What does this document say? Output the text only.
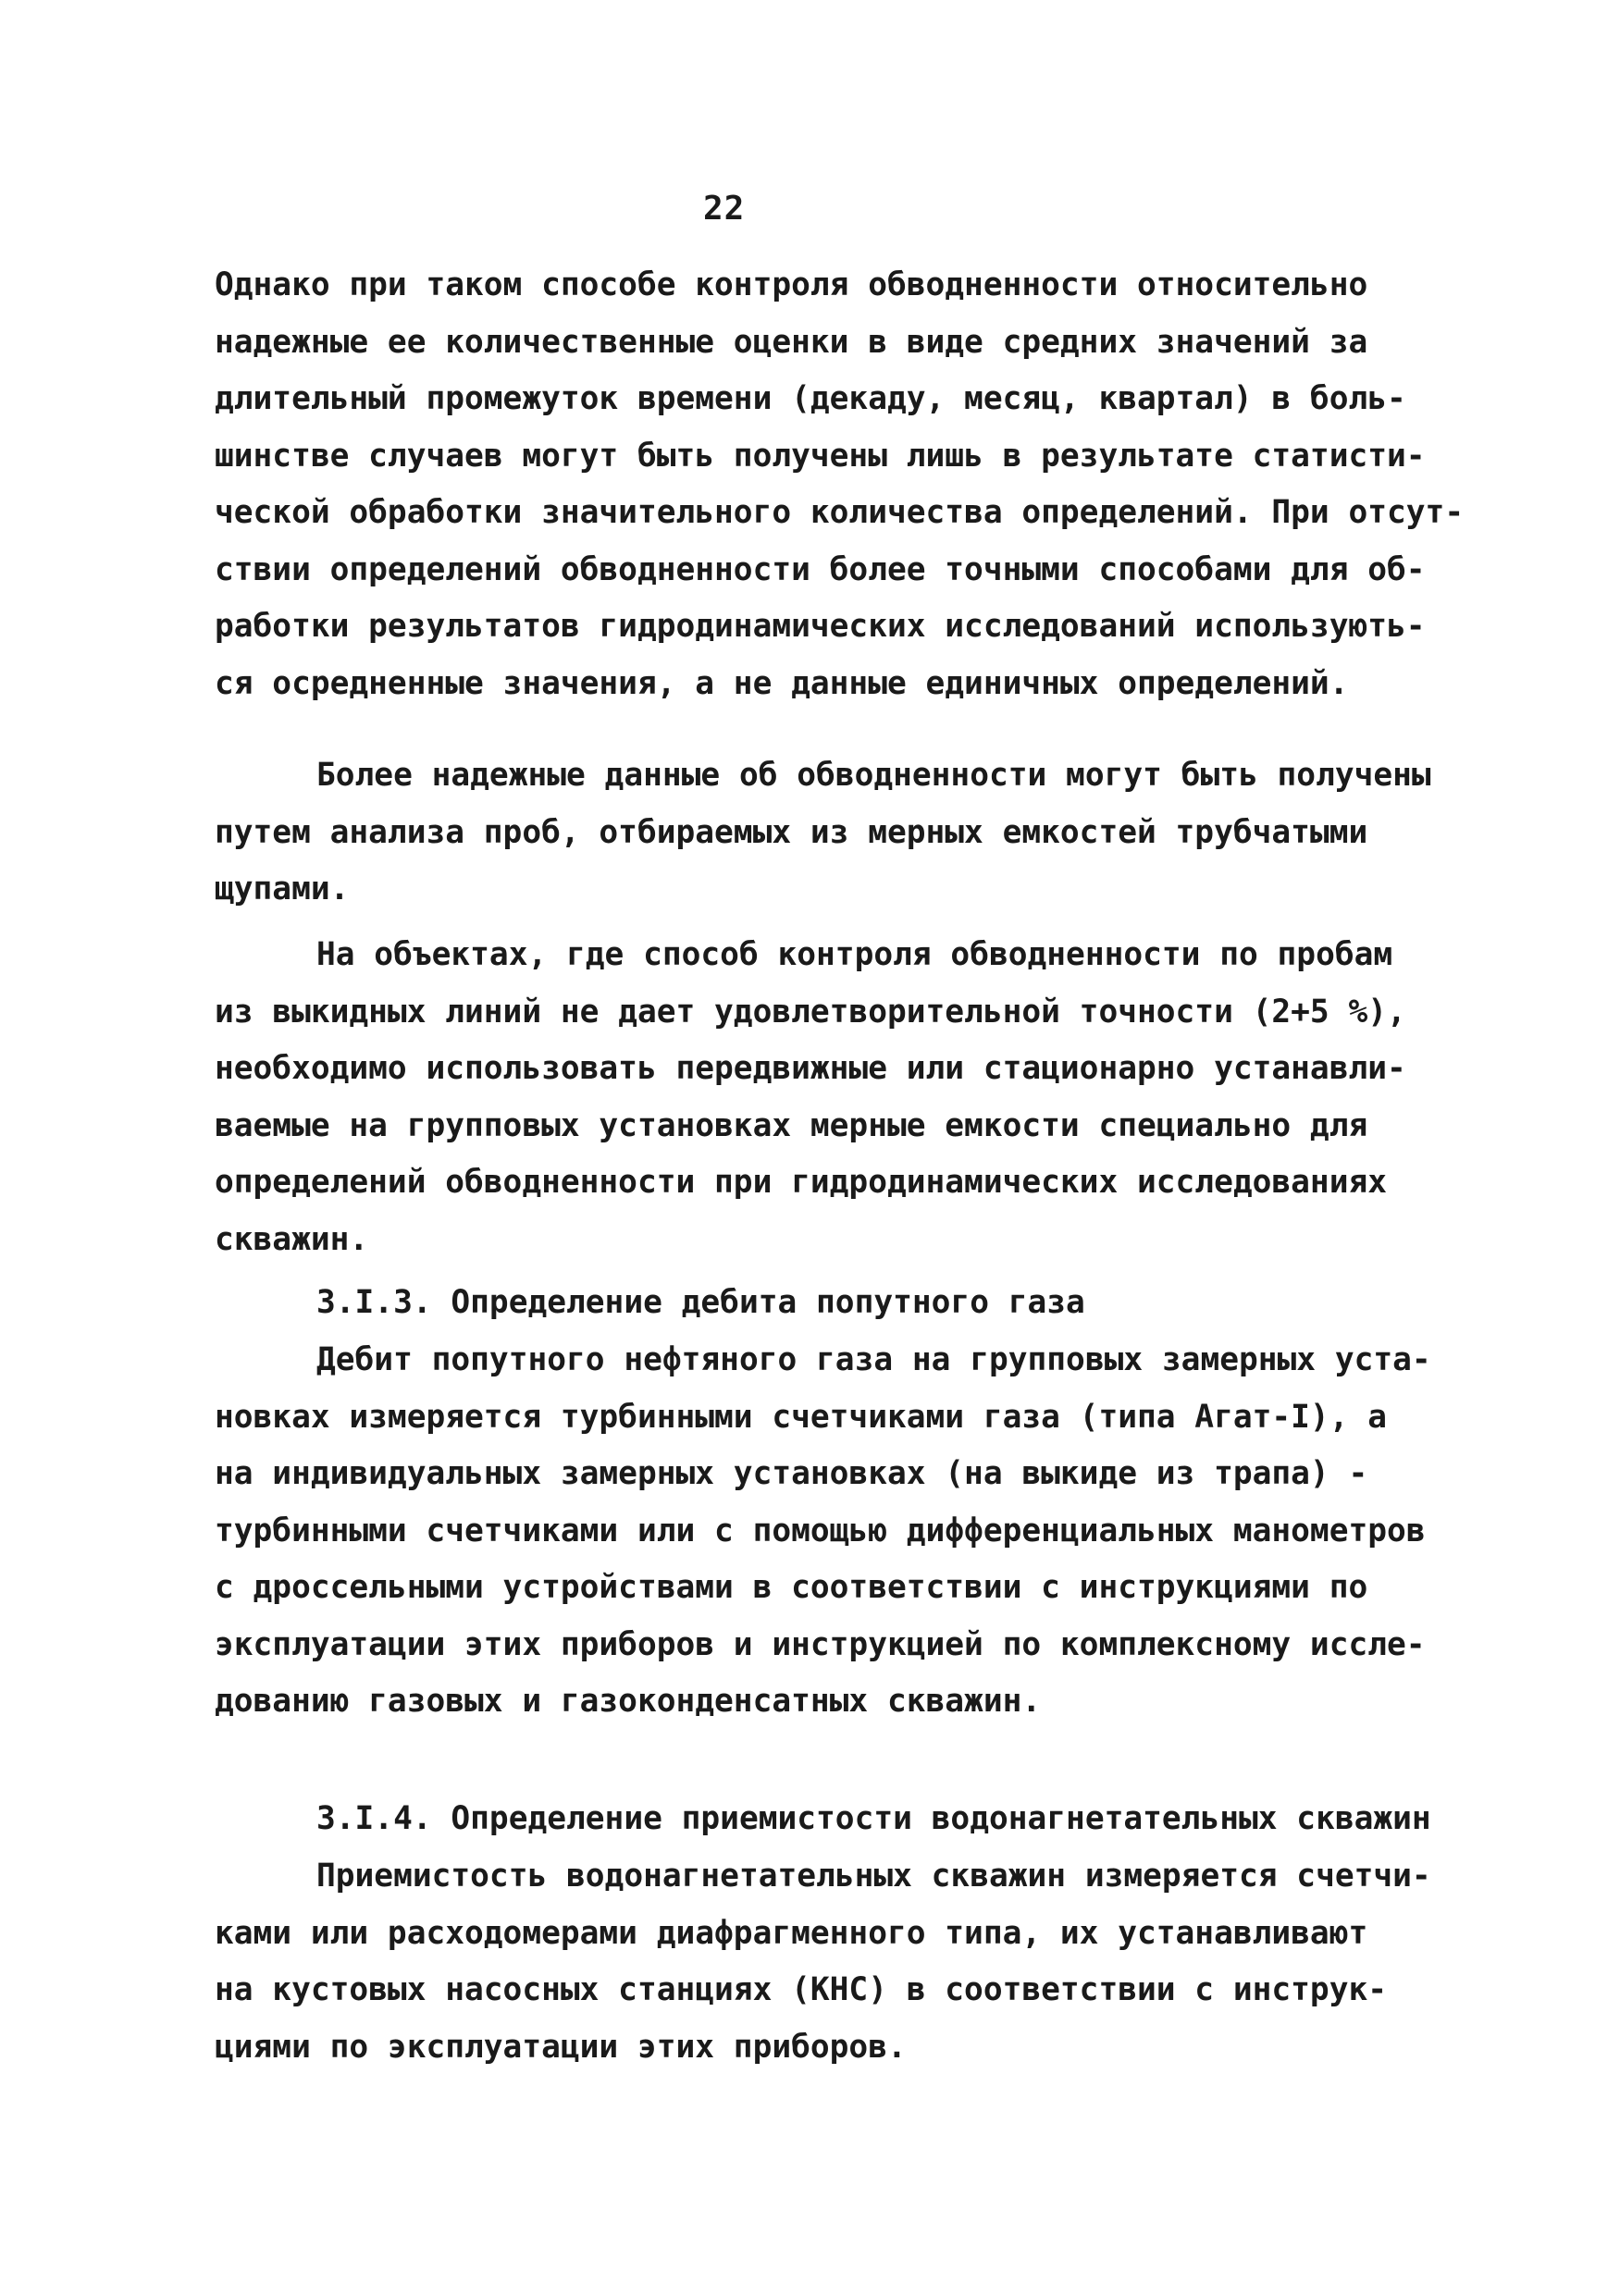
22
Однако при таком способе контроля обводненности относительно
надежные ее количественные оценки в виде средних значений за
длительный промежуток времени (декаду, месяц, квартал) в боль-
шинстве случаев могут быть получены лишь в результате статисти-
ческой обработки значительного количества определений. При отсут-
ствии определений обводненности более точными способами для об-
работки результатов гидродинамических исследований использують-
ся осредненные значения, а не данные единичных определений.
Более надежные данные об обводненности могут быть получены
путем анализа проб, отбираемых из мерных емкостей трубчатыми
щупами.
На объектах, где способ контроля обводненности по пробам
из выкидных линий не дает удовлетворительной точности (2+5 %),
необходимо использовать передвижные или стационарно устанавли-
ваемые на групповых установках мерные емкости специально для
определений обводненности при гидродинамических исследованиях
скважин.
3.I.3. Определение дебита попутного газа
Дебит попутного нефтяного газа на групповых замерных уста-
новках измеряется турбинными счетчиками газа (типа Агат-I), а
на индивидуальных замерных установках (на выкиде из трапа) -
турбинными счетчиками или с помощью дифференциальных манометров
с дроссельными устройствами в соответствии с инструкциями по
эксплуатации этих приборов и инструкцией по комплексному иссле-
дованию газовых и газоконденсатных скважин.
3.I.4. Определение приемистости водонагнетательных скважин
Приемистость водонагнетательных скважин измеряется счетчи-
ками или расходомерами диафрагменного типа, их устанавливают
на кустовых насосных станциях (КНС) в соответствии с инструк-
циями по эксплуатации этих приборов.
